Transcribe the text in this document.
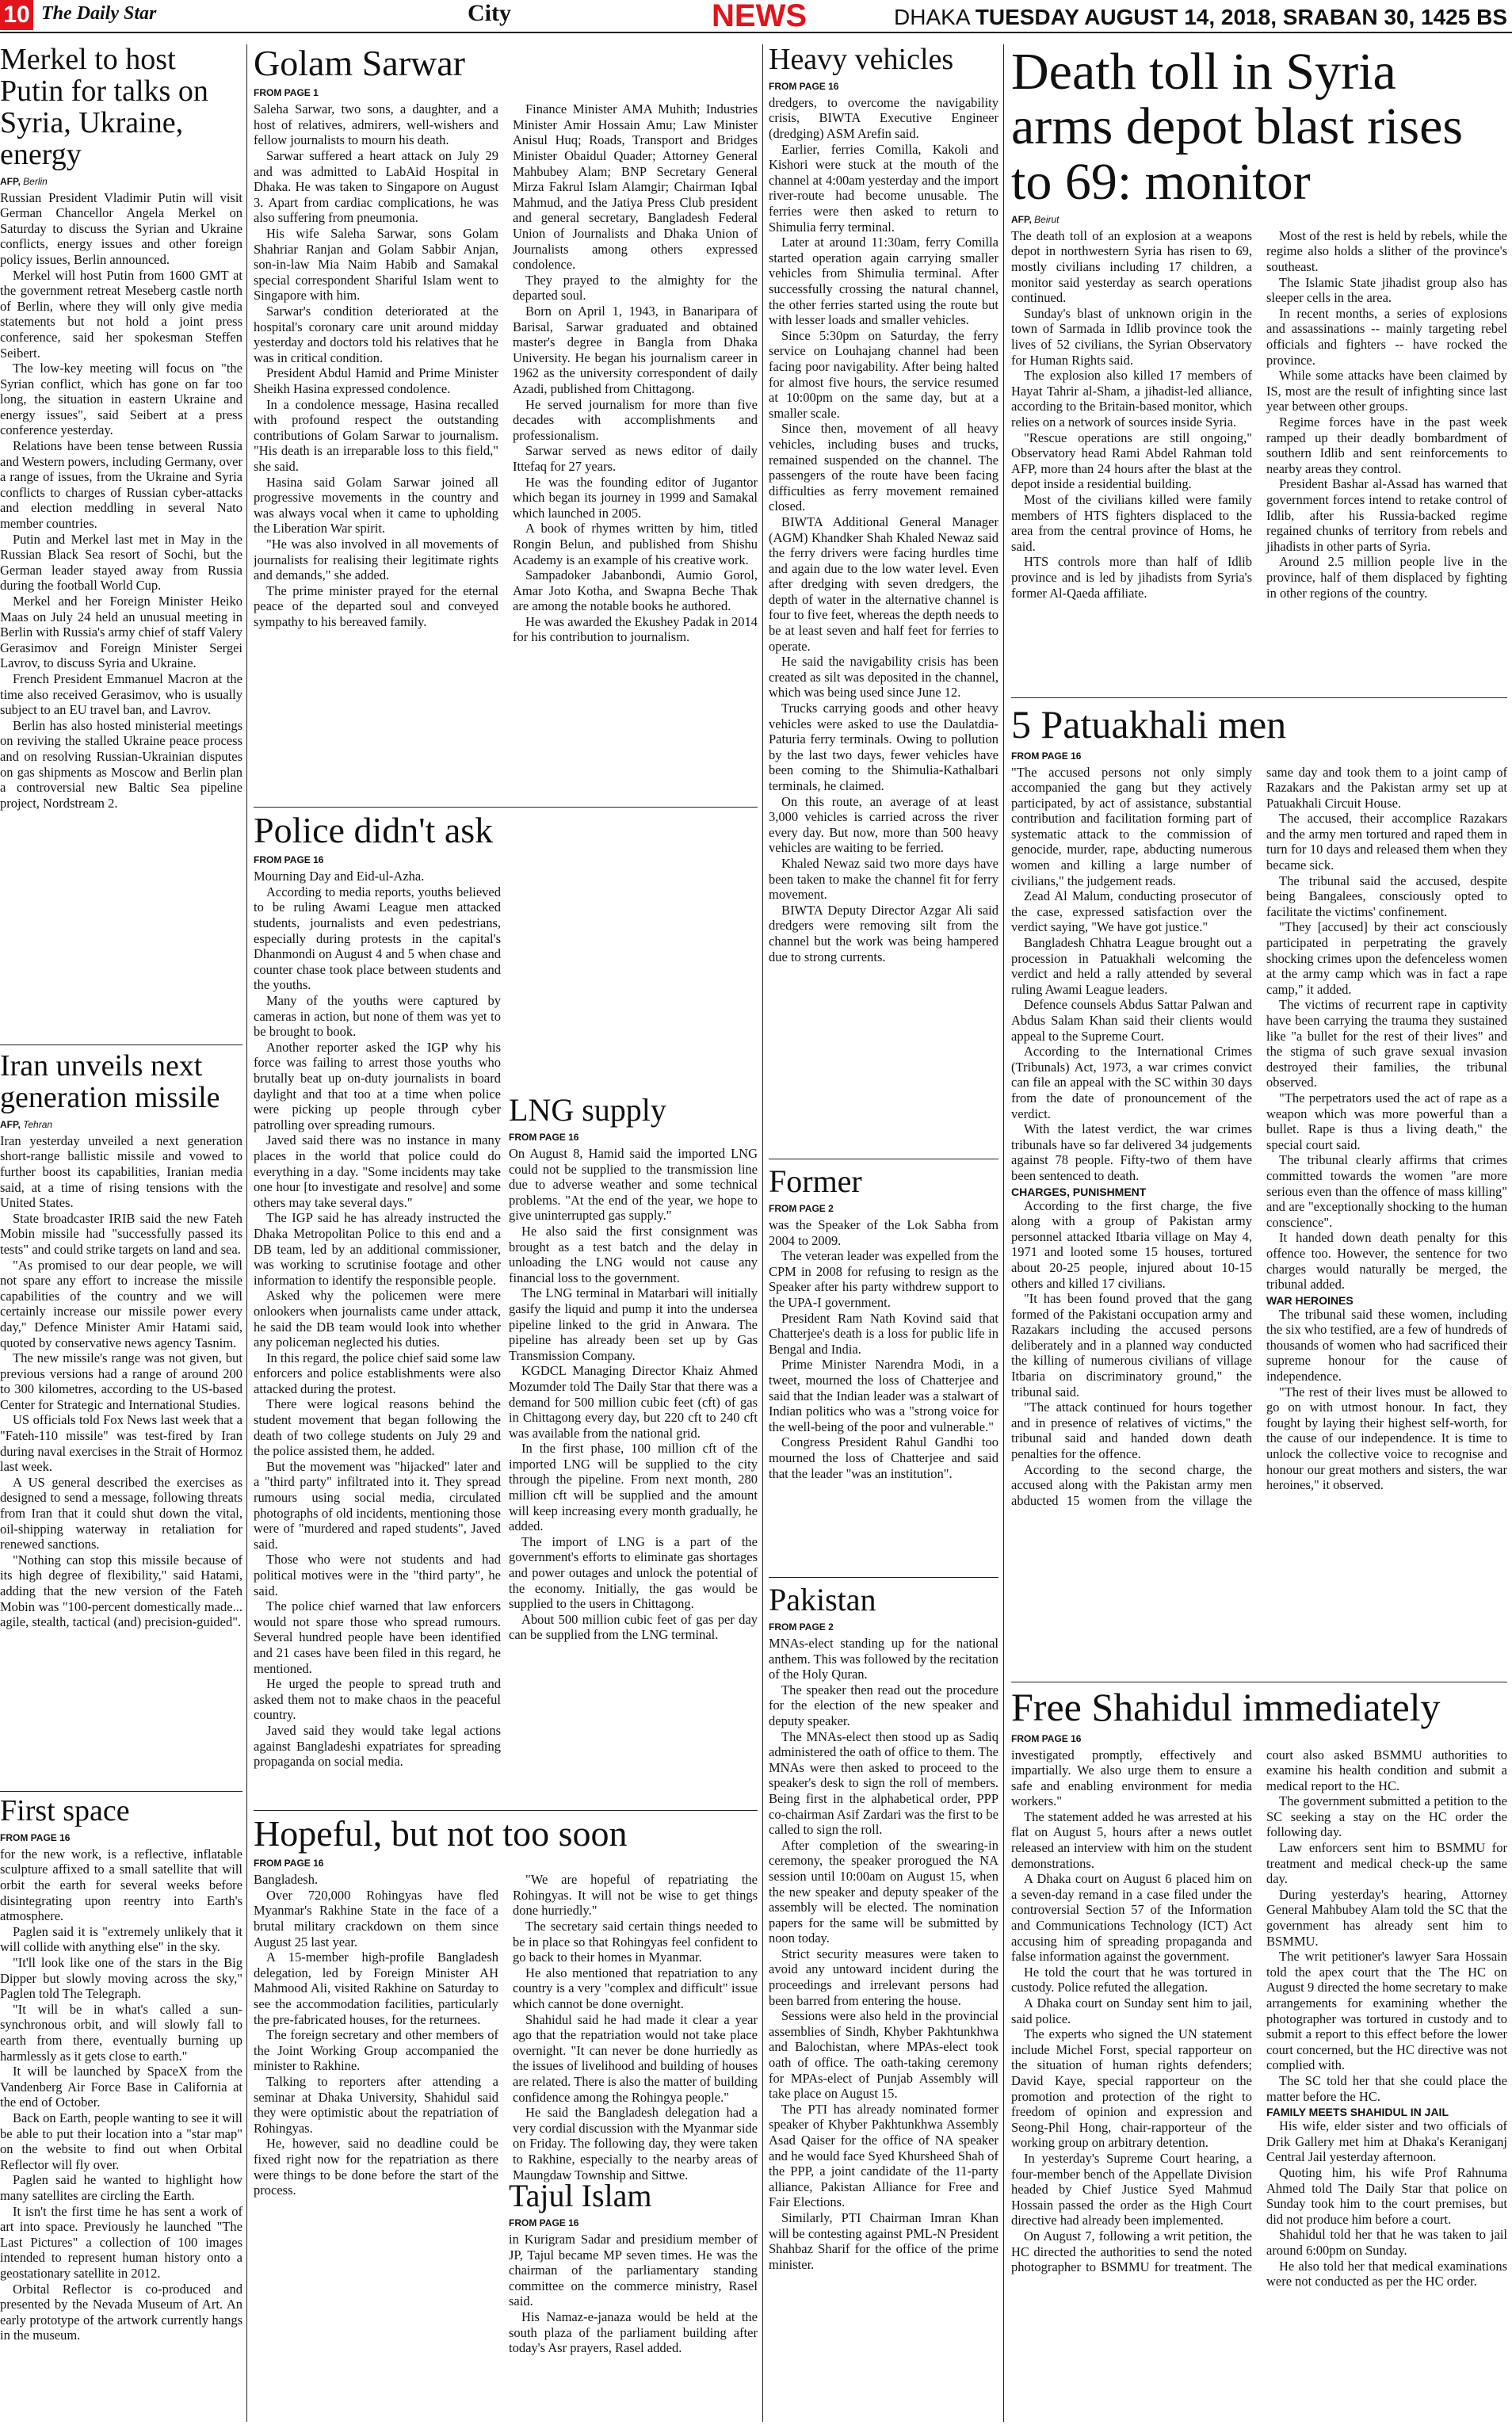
10 The Daily Star	City	NEWS	DHAKA TUESDAY AUGUST 14, 2018, SRABAN 30, 1425 BS
Merkel to host Putin for talks on Syria, Ukraine, energy
AFP, Berlin

Russian President Vladimir Putin will visit German Chancellor Angela Merkel on Saturday to discuss the Syrian and Ukraine conflicts, energy issues and other foreign policy issues, Berlin announced.

Merkel will host Putin from 1600 GMT at the government retreat Meseberg castle north of Berlin, where they will only give media statements but not hold a joint press conference, said her spokesman Steffen Seibert.

The low-key meeting will focus on "the Syrian conflict, which has gone on far too long, the situation in eastern Ukraine and energy issues", said Seibert at a press conference yesterday.

Relations have been tense between Russia and Western powers, including Germany, over a range of issues, from the Ukraine and Syria conflicts to charges of Russian cyber-attacks and election meddling in several Nato member countries.

Putin and Merkel last met in May in the Russian Black Sea resort of Sochi, but the German leader stayed away from Russia during the football World Cup.

Merkel and her Foreign Minister Heiko Maas on July 24 held an unusual meeting in Berlin with Russia's army chief of staff Valery Gerasimov and Foreign Minister Sergei Lavrov, to discuss Syria and Ukraine.

French President Emmanuel Macron at the time also received Gerasimov, who is usually subject to an EU travel ban, and Lavrov.

Berlin has also hosted ministerial meetings on reviving the stalled Ukraine peace process and on resolving Russian-Ukrainian disputes on gas shipments as Moscow and Berlin plan a controversial new Baltic Sea pipeline project, Nordstream 2.

Iran unveils next generation missile
AFP, Tehran

Iran yesterday unveiled a next generation short-range ballistic missile and vowed to further boost its capabilities, Iranian media said, at a time of rising tensions with the United States.

State broadcaster IRIB said the new Fateh Mobin missile had "successfully passed its tests" and could strike targets on land and sea.

"As promised to our dear people, we will not spare any effort to increase the missile capabilities of the country and we will certainly increase our missile power every day," Defence Minister Amir Hatami said, quoted by conservative news agency Tasnim.

The new missile's range was not given, but previous versions had a range of around 200 to 300 kilometres, according to the US-based Center for Strategic and International Studies.

US officials told Fox News last week that a "Fateh-110 missile" was test-fired by Iran during naval exercises in the Strait of Hormoz last week.

A US general described the exercises as designed to send a message, following threats from Iran that it could shut down the vital, oil-shipping waterway in retaliation for renewed sanctions.

"Nothing can stop this missile because of its high degree of flexibility," said Hatami, adding that the new version of the Fateh Mobin was "100-percent domestically made... agile, stealth, tactical (and) precision-guided".

First space
FROM PAGE 16

for the new work, is a reflective, inflatable sculpture affixed to a small satellite that will orbit the earth for several weeks before disintegrating upon reentry into Earth's atmosphere.

Paglen said it is "extremely unlikely that it will collide with anything else" in the sky.

"It'll look like one of the stars in the Big Dipper but slowly moving across the sky," Paglen told The Telegraph.

"It will be in what's called a sun-synchronous orbit, and will slowly fall to earth from there, eventually burning up harmlessly as it gets close to earth."

It will be launched by SpaceX from the Vandenberg Air Force Base in California at the end of October.

Back on Earth, people wanting to see it will be able to put their location into a "star map" on the website to find out when Orbital Reflector will fly over.

Paglen said he wanted to highlight how many satellites are circling the Earth.

It isn't the first time he has sent a work of art into space. Previously he launched "The Last Pictures" a collection of 100 images intended to represent human history onto a geostationary satellite in 2012.

Orbital Reflector is co-produced and presented by the Nevada Museum of Art. An early prototype of the artwork currently hangs in the museum.

Golam Sarwar
FROM PAGE 1

Saleha Sarwar, two sons, a daughter, and a host of relatives, admirers, well-wishers and fellow journalists to mourn his death.

Sarwar suffered a heart attack on July 29 and was admitted to LabAid Hospital in Dhaka. He was taken to Singapore on August 3. Apart from cardiac complications, he was also suffering from pneumonia.

His wife Saleha Sarwar, sons Golam Shahriar Ranjan and Golam Sabbir Anjan, son-in-law Mia Naim Habib and Samakal special correspondent Shariful Islam went to Singapore with him.

Sarwar's condition deteriorated at the hospital's coronary care unit around midday yesterday and doctors told his relatives that he was in critical condition.

President Abdul Hamid and Prime Minister Sheikh Hasina expressed condolence.

In a condolence message, Hasina recalled with profound respect the outstanding contributions of Golam Sarwar to journalism. "His death is an irreparable loss to this field," she said.

Hasina said Golam Sarwar joined all progressive movements in the country and was always vocal when it came to upholding the Liberation War spirit.

"He was also involved in all movements of journalists for realising their legitimate rights and demands," she added.

The prime minister prayed for the eternal peace of the departed soul and conveyed sympathy to his bereaved family.

Finance Minister AMA Muhith; Industries Minister Amir Hossain Amu; Law Minister Anisul Huq; Roads, Transport and Bridges Minister Obaidul Quader; Attorney General Mahbubey Alam; BNP Secretary General Mirza Fakrul Islam Alamgir; Chairman Iqbal Mahmud, and the Jatiya Press Club president and general secretary, Bangladesh Federal Union of Journalists and Dhaka Union of Journalists among others expressed condolence.

They prayed to the almighty for the departed soul.

Born on April 1, 1943, in Banaripara of Barisal, Sarwar graduated and obtained master's degree in Bangla from Dhaka University. He began his journalism career in 1962 as the university correspondent of daily Azadi, published from Chittagong.

He served journalism for more than five decades with accomplishments and professionalism.

Sarwar served as news editor of daily Ittefaq for 27 years.

He was the founding editor of Jugantor which began its journey in 1999 and Samakal which launched in 2005.

A book of rhymes written by him, titled Rongin Belun, and published from Shishu Academy is an example of his creative work.

Sampadoker Jabanbondi, Aumio Gorol, Amar Joto Kotha, and Swapna Beche Thak are among the notable books he authored.

He was awarded the Ekushey Padak in 2014 for his contribution to journalism.

Police didn't ask
FROM PAGE 16

Mourning Day and Eid-ul-Azha.

According to media reports, youths believed to be ruling Awami League men attacked students, journalists and even pedestrians, especially during protests in the capital's Dhanmondi on August 4 and 5 when chase and counter chase took place between students and the youths.

Many of the youths were captured by cameras in action, but none of them was yet to be brought to book.

Another reporter asked the IGP why his force was failing to arrest those youths who brutally beat up on-duty journalists in board daylight and that too at a time when police were picking up people through cyber patrolling over spreading rumours.

Javed said there was no instance in many places in the world that police could do everything in a day. "Some incidents may take one hour [to investigate and resolve] and some others may take several days."

The IGP said he has already instructed the Dhaka Metropolitan Police to this end and a DB team, led by an additional commissioner, was working to scrutinise footage and other information to identify the responsible people.

Asked why the policemen were mere onlookers when journalists came under attack, he said the DB team would look into whether any policeman neglected his duties.

In this regard, the police chief said some law enforcers and police establishments were also attacked during the protest.

There were logical reasons behind the student movement that began following the death of two college students on July 29 and the police assisted them, he added.

But the movement was "hijacked" later and a "third party" infiltrated into it. They spread rumours using social media, circulated photographs of old incidents, mentioning those were of "murdered and raped students", Javed said.

Those who were not students and had political motives were in the "third party", he said.

The police chief warned that law enforcers would not spare those who spread rumours. Several hundred people have been identified and 21 cases have been filed in this regard, he mentioned.

He urged the people to spread truth and asked them not to make chaos in the peaceful country.

Javed said they would take legal actions against Bangladeshi expatriates for spreading propaganda on social media.

LNG supply
FROM PAGE 16

On August 8, Hamid said the imported LNG could not be supplied to the transmission line due to adverse weather and some technical problems. "At the end of the year, we hope to give uninterrupted gas supply."

He also said the first consignment was brought as a test batch and the delay in unloading the LNG would not cause any financial loss to the government.

The LNG terminal in Matarbari will initially gasify the liquid and pump it into the undersea pipeline linked to the grid in Anwara. The pipeline has already been set up by Gas Transmission Company.

KGDCL Managing Director Khaiz Ahmed Mozumder told The Daily Star that there was a demand for 500 million cubic feet (cft) of gas in Chittagong every day, but 220 cft to 240 cft was available from the national grid.

In the first phase, 100 million cft of the imported LNG will be supplied to the city through the pipeline. From next month, 280 million cft will be supplied and the amount will keep increasing every month gradually, he added.

The import of LNG is a part of the government's efforts to eliminate gas shortages and power outages and unlock the potential of the economy. Initially, the gas would be supplied to the users in Chittagong.

About 500 million cubic feet of gas per day can be supplied from the LNG terminal.

Hopeful, but not too soon
FROM PAGE 16

Bangladesh.

Over 720,000 Rohingyas have fled Myanmar's Rakhine State in the face of a brutal military crackdown on them since August 25 last year.

A 15-member high-profile Bangladesh delegation, led by Foreign Minister AH Mahmood Ali, visited Rakhine on Saturday to see the accommodation facilities, particularly the pre-fabricated houses, for the returnees.

The foreign secretary and other members of the Joint Working Group accompanied the minister to Rakhine.

Talking to reporters after attending a seminar at Dhaka University, Shahidul said they were optimistic about the repatriation of Rohingyas.

He, however, said no deadline could be fixed right now for the repatriation as there were things to be done before the start of the process.

"We are hopeful of repatriating the Rohingyas. It will not be wise to get things done hurriedly."

The secretary said certain things needed to be in place so that Rohingyas feel confident to go back to their homes in Myanmar.

He also mentioned that repatriation to any country is a very "complex and difficult" issue which cannot be done overnight.

Shahidul said he had made it clear a year ago that the repatriation would not take place overnight. "It can never be done hurriedly as the issues of livelihood and building of houses are related. There is also the matter of building confidence among the Rohingya people."

He said the Bangladesh delegation had a very cordial discussion with the Myanmar side on Friday. The following day, they were taken to Rakhine, especially to the nearby areas of Maungdaw Township and Sittwe.

Tajul Islam
FROM PAGE 16

in Kurigram Sadar and presidium member of JP, Tajul became MP seven times. He was the chairman of the parliamentary standing committee on the commerce ministry, Rasel said.

His Namaz-e-janaza would be held at the south plaza of the parliament building after today's Asr prayers, Rasel added.

Heavy vehicles
FROM PAGE 16

dredgers, to overcome the navigability crisis, BIWTA Executive Engineer (dredging) ASM Arefin said.

Earlier, ferries Comilla, Kakoli and Kishori were stuck at the mouth of the channel at 4:00am yesterday and the import river-route had become unusable. The ferries were then asked to return to Shimulia ferry terminal.

Later at around 11:30am, ferry Comilla started operation again carrying smaller vehicles from Shimulia terminal. After successfully crossing the natural channel, the other ferries started using the route but with lesser loads and smaller vehicles.

Since 5:30pm on Saturday, the ferry service on Louhajang channel had been facing poor navigability. After being halted for almost five hours, the service resumed at 10:00pm on the same day, but at a smaller scale.

Since then, movement of all heavy vehicles, including buses and trucks, remained suspended on the channel. The passengers of the route have been facing difficulties as ferry movement remained closed.

BIWTA Additional General Manager (AGM) Khandker Shah Khaled Newaz said the ferry drivers were facing hurdles time and again due to the low water level. Even after dredging with seven dredgers, the depth of water in the alternative channel is four to five feet, whereas the depth needs to be at least seven and half feet for ferries to operate.

He said the navigability crisis has been created as silt was deposited in the channel, which was being used since June 12.

Trucks carrying goods and other heavy vehicles were asked to use the Daulatdia-Paturia ferry terminals. Owing to pollution by the last two days, fewer vehicles have been coming to the Shimulia-Kathalbari terminals, he claimed.

On this route, an average of at least 3,000 vehicles is carried across the river every day. But now, more than 500 heavy vehicles are waiting to be ferried.

Khaled Newaz said two more days have been taken to make the channel fit for ferry movement.

BIWTA Deputy Director Azgar Ali said dredgers were removing silt from the channel but the work was being hampered due to strong currents.

Former
FROM PAGE 2

was the Speaker of the Lok Sabha from 2004 to 2009.

The veteran leader was expelled from the CPM in 2008 for refusing to resign as the Speaker after his party withdrew support to the UPA-I government.

President Ram Nath Kovind said that Chatterjee's death is a loss for public life in Bengal and India.

Prime Minister Narendra Modi, in a tweet, mourned the loss of Chatterjee and said that the Indian leader was a stalwart of Indian politics who was a "strong voice for the well-being of the poor and vulnerable."

Congress President Rahul Gandhi too mourned the loss of Chatterjee and said that the leader "was an institution".

Pakistan
FROM PAGE 2

MNAs-elect standing up for the national anthem. This was followed by the recitation of the Holy Quran.

The speaker then read out the procedure for the election of the new speaker and deputy speaker.

The MNAs-elect then stood up as Sadiq administered the oath of office to them. The MNAs were then asked to proceed to the speaker's desk to sign the roll of members. Being first in the alphabetical order, PPP co-chairman Asif Zardari was the first to be called to sign the roll.

After completion of the swearing-in ceremony, the speaker prorogued the NA session until 10:00am on August 15, when the new speaker and deputy speaker of the assembly will be elected. The nomination papers for the same will be submitted by noon today.

Strict security measures were taken to avoid any untoward incident during the proceedings and irrelevant persons had been barred from entering the house.

Sessions were also held in the provincial assemblies of Sindh, Khyber Pakhtunkhwa and Balochistan, where MPAs-elect took oath of office. The oath-taking ceremony for MPAs-elect of Punjab Assembly will take place on August 15.

The PTI has already nominated former speaker of Khyber Pakhtunkhwa Assembly Asad Qaiser for the office of NA speaker and he would face Syed Khursheed Shah of the PPP, a joint candidate of the 11-party alliance, Pakistan Alliance for Free and Fair Elections.

Similarly, PTI Chairman Imran Khan will be contesting against PML-N President Shahbaz Sharif for the office of the prime minister.

Death toll in Syria arms depot blast rises to 69: monitor
AFP, Beirut

The death toll of an explosion at a weapons depot in northwestern Syria has risen to 69, mostly civilians including 17 children, a monitor said yesterday as search operations continued.

Sunday's blast of unknown origin in the town of Sarmada in Idlib province took the lives of 52 civilians, the Syrian Observatory for Human Rights said.

The explosion also killed 17 members of Hayat Tahrir al-Sham, a jihadist-led alliance, according to the Britain-based monitor, which relies on a network of sources inside Syria.

"Rescue operations are still ongoing," Observatory head Rami Abdel Rahman told AFP, more than 24 hours after the blast at the depot inside a residential building.

Most of the civilians killed were family members of HTS fighters displaced to the area from the central province of Homs, he said.

HTS controls more than half of Idlib province and is led by jihadists from Syria's former Al-Qaeda affiliate.

Most of the rest is held by rebels, while the regime also holds a slither of the province's southeast.

The Islamic State jihadist group also has sleeper cells in the area.

In recent months, a series of explosions and assassinations -- mainly targeting rebel officials and fighters -- have rocked the province.

While some attacks have been claimed by IS, most are the result of infighting since last year between other groups.

Regime forces have in the past week ramped up their deadly bombardment of southern Idlib and sent reinforcements to nearby areas they control.

President Bashar al-Assad has warned that government forces intend to retake control of Idlib, after his Russia-backed regime regained chunks of territory from rebels and jihadists in other parts of Syria.

Around 2.5 million people live in the province, half of them displaced by fighting in other regions of the country.

5 Patuakhali men
FROM PAGE 16

"The accused persons not only simply accompanied the gang but they actively participated, by act of assistance, substantial contribution and facilitation forming part of systematic attack to the commission of genocide, murder, rape, abducting numerous women and killing a large number of civilians," the judgement reads.

Zead Al Malum, conducting prosecutor of the case, expressed satisfaction over the verdict saying, "We have got justice."

Bangladesh Chhatra League brought out a procession in Patuakhali welcoming the verdict and held a rally attended by several ruling Awami League leaders.

Defence counsels Abdus Sattar Palwan and Abdus Salam Khan said their clients would appeal to the Supreme Court.

According to the International Crimes (Tribunals) Act, 1973, a war crimes convict can file an appeal with the SC within 30 days from the date of pronouncement of the verdict.

With the latest verdict, the war crimes tribunals have so far delivered 34 judgements against 78 people. Fifty-two of them have been sentenced to death.

CHARGES, PUNISHMENT

According to the first charge, the five along with a group of Pakistan army personnel attacked Itbaria village on May 4, 1971 and looted some 15 houses, tortured about 20-25 people, injured about 10-15 others and killed 17 civilians.

"It has been found proved that the gang formed of the Pakistani occupation army and Razakars including the accused persons deliberately and in a planned way conducted the killing of numerous civilians of village Itbaria on discriminatory ground," the tribunal said.

"The attack continued for hours together and in presence of relatives of victims," the tribunal said and handed down death penalties for the offence.

According to the second charge, the accused along with the Pakistan army men abducted 15 women from the village the same day and took them to a joint camp of Razakars and the Pakistan army set up at Patuakhali Circuit House.

The accused, their accomplice Razakars and the army men tortured and raped them in turn for 10 days and released them when they became sick.

The tribunal said the accused, despite being Bangalees, consciously opted to facilitate the victims' confinement.

"They [accused] by their act consciously participated in perpetrating the gravely shocking crimes upon the defenceless women at the army camp which was in fact a rape camp," it added.

The victims of recurrent rape in captivity have been carrying the trauma they sustained like "a bullet for the rest of their lives" and the stigma of such grave sexual invasion destroyed their families, the tribunal observed.

"The perpetrators used the act of rape as a weapon which was more powerful than a bullet. Rape is thus a living death," the special court said.

The tribunal clearly affirms that crimes committed towards the women "are more serious even than the offence of mass killing" and are "exceptionally shocking to the human conscience".

It handed down death penalty for this offence too. However, the sentence for two charges would naturally be merged, the tribunal added.

WAR HEROINES

The tribunal said these women, including the six who testified, are a few of hundreds of thousands of women who had sacrificed their supreme honour for the cause of independence.

"The rest of their lives must be allowed to go on with utmost honour. In fact, they fought by laying their highest self-worth, for the cause of our independence. It is time to unlock the collective voice to recognise and honour our great mothers and sisters, the war heroines," it observed.

Free Shahidul immediately
FROM PAGE 16

investigated promptly, effectively and impartially. We also urge them to ensure a safe and enabling environment for media workers."

The statement added he was arrested at his flat on August 5, hours after a news outlet released an interview with him on the student demonstrations.

A Dhaka court on August 6 placed him on a seven-day remand in a case filed under the controversial Section 57 of the Information and Communications Technology (ICT) Act accusing him of spreading propaganda and false information against the government.

He told the court that he was tortured in custody. Police refuted the allegation.

A Dhaka court on Sunday sent him to jail, said police.

The experts who signed the UN statement include Michel Forst, special rapporteur on the situation of human rights defenders; David Kaye, special rapporteur on the promotion and protection of the right to freedom of opinion and expression and Seong-Phil Hong, chair-rapporteur of the working group on arbitrary detention.

In yesterday's Supreme Court hearing, a four-member bench of the Appellate Division headed by Chief Justice Syed Mahmud Hossain passed the order as the High Court directive had already been implemented.

On August 7, following a writ petition, the HC directed the authorities to send the noted photographer to BSMMU for treatment. The court also asked BSMMU authorities to examine his health condition and submit a medical report to the HC.

The government submitted a petition to the SC seeking a stay on the HC order the following day.

Law enforcers sent him to BSMMU for treatment and medical check-up the same day.

During yesterday's hearing, Attorney General Mahbubey Alam told the SC that the government has already sent him to BSMMU.

The writ petitioner's lawyer Sara Hossain told the apex court that the The HC on August 9 directed the home secretary to make arrangements for examining whether the photographer was tortured in custody and to submit a report to this effect before the lower court concerned, but the HC directive was not complied with.

The SC told her that she could place the matter before the HC.

FAMILY MEETS SHAHIDUL IN JAIL

His wife, elder sister and two officials of Drik Gallery met him at Dhaka's Keraniganj Central Jail yesterday afternoon.

Quoting him, his wife Prof Rahnuma Ahmed told The Daily Star that police on Sunday took him to the court premises, but did not produce him before a court.

Shahidul told her that he was taken to jail around 6:00pm on Sunday.

He also told her that medical examinations were not conducted as per the HC order.
